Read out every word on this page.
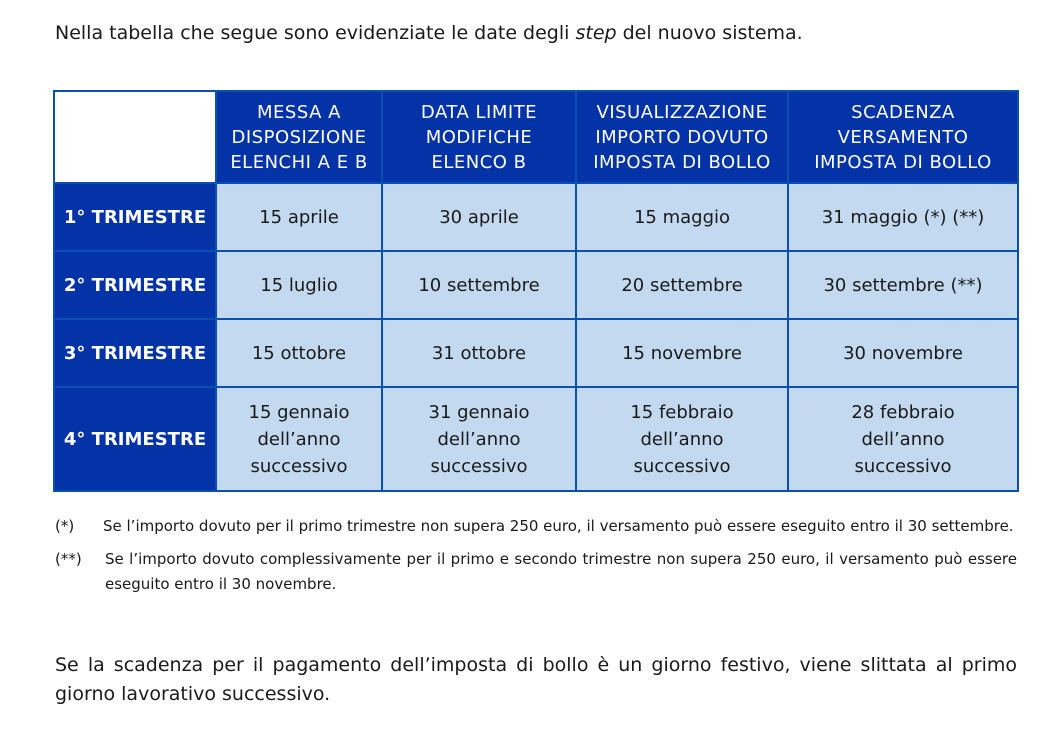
Nella tabella che segue sono evidenziate le date degli step del nuovo sistema.

	MESSA A
DISPOSIZIONE
ELENCHI A E B	DATA LIMITE
MODIFICHE
ELENCO B	VISUALIZZAZIONE
IMPORTO DOVUTO
IMPOSTA DI BOLLO	SCADENZA
VERSAMENTO
IMPOSTA DI BOLLO
1° TRIMESTRE	15 aprile	30 aprile	15 maggio	31 maggio (*) (**)
2° TRIMESTRE	15 luglio	10 settembre	20 settembre	30 settembre (**)
3° TRIMESTRE	15 ottobre	31 ottobre	15 novembre	30 novembre
4° TRIMESTRE	15 gennaio
dell’anno
successivo	31 gennaio
dell’anno
successivo	15 febbraio
dell’anno
successivo	28 febbraio
dell’anno
successivo
(*) Se l’importo dovuto per il primo trimestre non supera 250 euro, il versamento può essere eseguito entro il 30 settembre.
(**) Se l’importo dovuto complessivamente per il primo e secondo trimestre non supera 250 euro, il versamento può essere eseguito entro il 30 novembre.

Se la scadenza per il pagamento dell’imposta di bollo è un giorno festivo, viene slittata al primo giorno lavorativo successivo.
